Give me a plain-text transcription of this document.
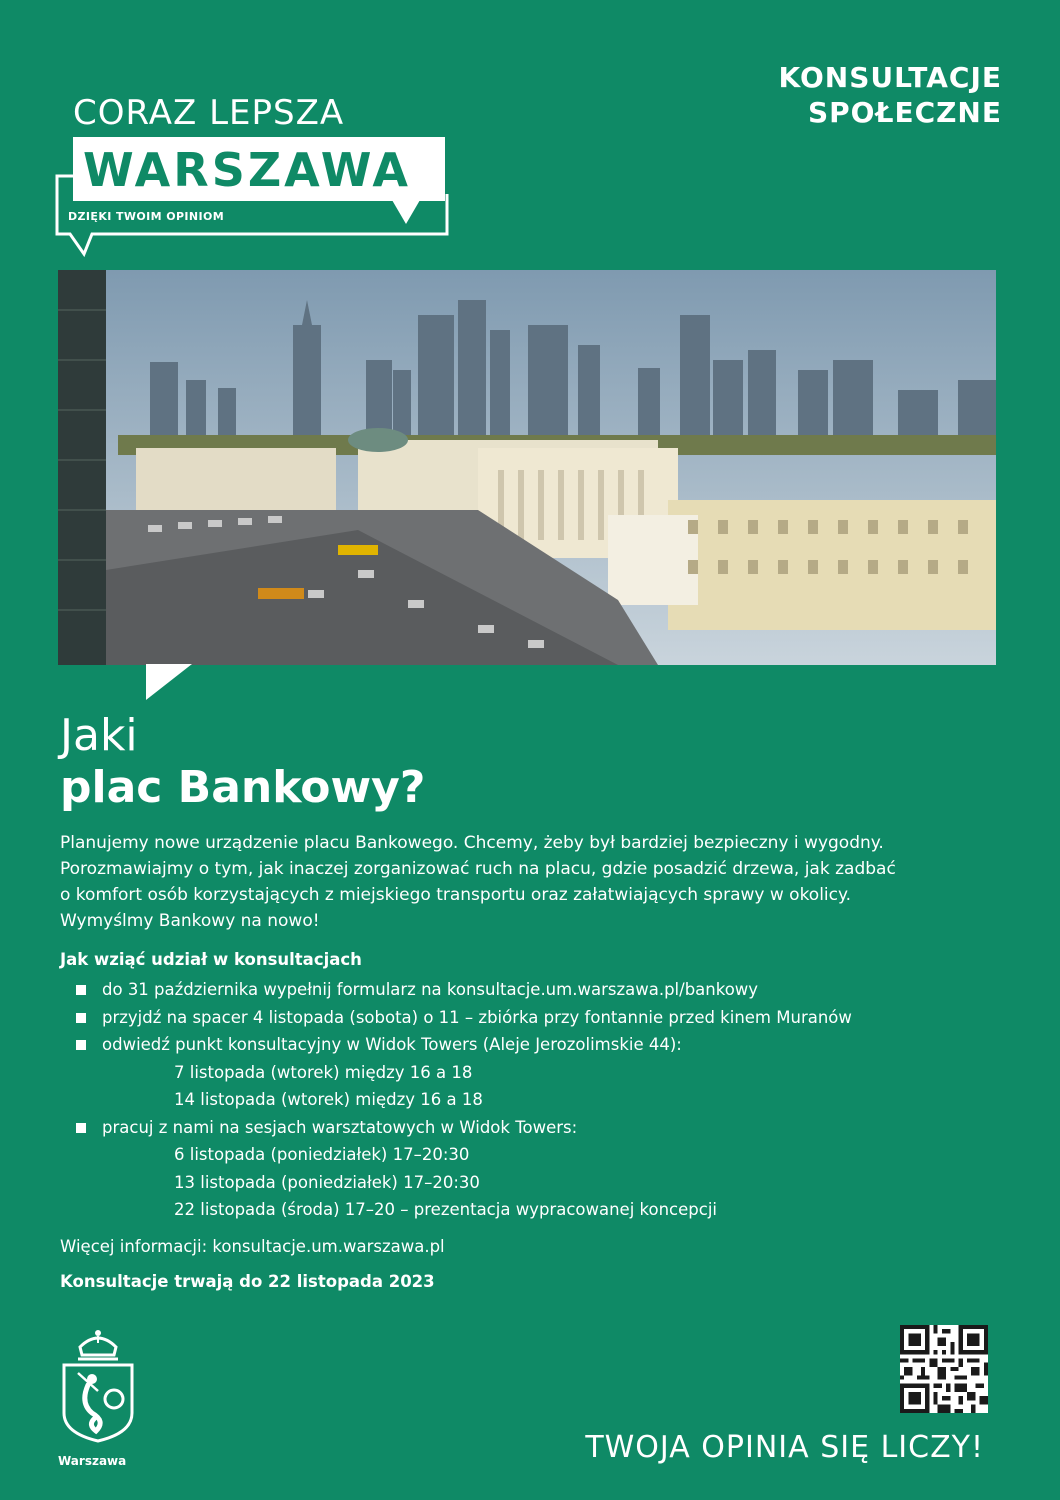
CORAZ LEPSZA
WARSZAWA
DZIĘKI TWOIM OPINIOM
KONSULTACJE
SPOŁECZNE
Jaki
plac Bankowy?

Planujemy nowe urządzenie placu Bankowego. Chcemy, żeby był bardziej bezpieczny i wygodny.

Porozmawiajmy o tym, jak inaczej zorganizować ruch na placu, gdzie posadzić drzewa, jak zadbać

o komfort osób korzystających z miejskiego transportu oraz załatwiających sprawy w okolicy.

Wymyślmy Bankowy na nowo!

Jak wziąć udział w konsultacjach
do 31 października wypełnij formularz na konsultacje.um.warszawa.pl/bankowy
przyjdź na spacer 4 listopada (sobota) o 11 – zbiórka przy fontannie przed kinem Muranów
odwiedź punkt konsultacyjny w Widok Towers (Aleje Jerozolimskie 44):
7 listopada (wtorek) między 16 a 18
14 listopada (wtorek) między 16 a 18
pracuj z nami na sesjach warsztatowych w Widok Towers:
6 listopada (poniedziałek) 17–20:30
13 listopada (poniedziałek) 17–20:30
22 listopada (środa) 17–20 – prezentacja wypracowanej koncepcji
Więcej informacji: konsultacje.um.warszawa.pl
Konsultacje trwają do 22 listopada 2023
Warszawa	TWOJA OPINIA SIĘ LICZY!
